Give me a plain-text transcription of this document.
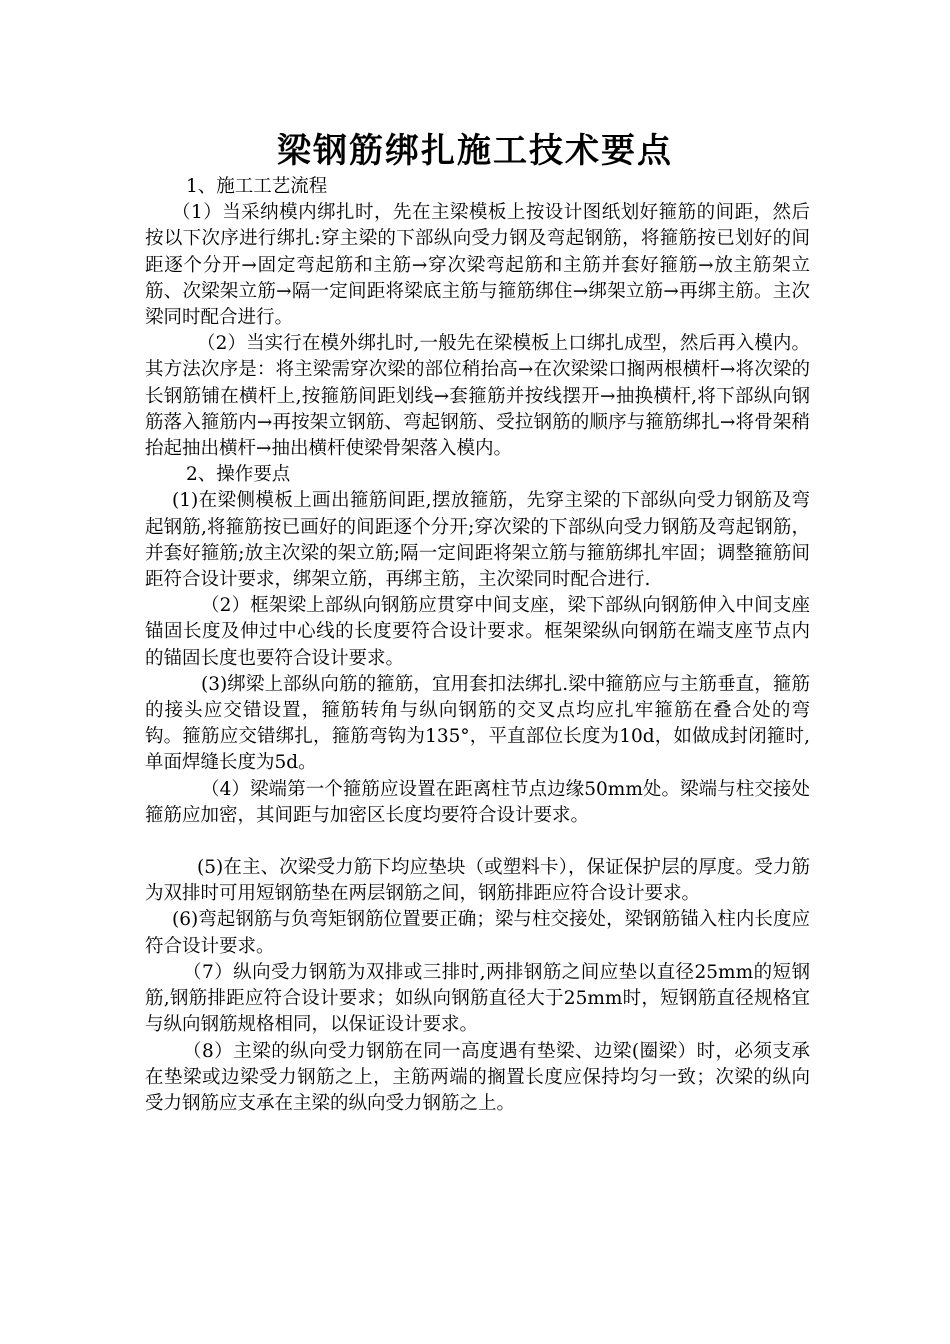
梁钢筋绑扎施工技术要点

1、施工工艺流程

（1）当采纳模内绑扎时，先在主梁模板上按设计图纸划好箍筋的间距，然后按以下次序进行绑扎:穿主梁的下部纵向受力钢及弯起钢筋，将箍筋按已划好的间距逐个分开→固定弯起筋和主筋→穿次梁弯起筋和主筋并套好箍筋→放主筋架立筋、次梁架立筋→隔一定间距将梁底主筋与箍筋绑住→绑架立筋→再绑主筋。主次梁同时配合进行。

（2）当实行在模外绑扎时,一般先在梁模板上口绑扎成型，然后再入模内。其方法次序是：将主梁需穿次梁的部位稍抬高→在次梁梁口搁两根横杆→将次梁的长钢筋铺在横杆上,按箍筋间距划线→套箍筋并按线摆开→抽换横杆,将下部纵向钢筋落入箍筋内→再按架立钢筋、弯起钢筋、受拉钢筋的顺序与箍筋绑扎→将骨架稍抬起抽出横杆→抽出横杆使梁骨架落入模内。

2、操作要点

(1)在梁侧模板上画出箍筋间距,摆放箍筋，先穿主梁的下部纵向受力钢筋及弯起钢筋,将箍筋按已画好的间距逐个分开;穿次梁的下部纵向受力钢筋及弯起钢筋，并套好箍筋;放主次梁的架立筋;隔一定间距将架立筋与箍筋绑扎牢固；调整箍筋间距符合设计要求，绑架立筋，再绑主筋，主次梁同时配合进行.

（2）框架梁上部纵向钢筋应贯穿中间支座，梁下部纵向钢筋伸入中间支座锚固长度及伸过中心线的长度要符合设计要求。框架梁纵向钢筋在端支座节点内的锚固长度也要符合设计要求。

(3)绑梁上部纵向筋的箍筋，宜用套扣法绑扎.梁中箍筋应与主筋垂直，箍筋的接头应交错设置，箍筋转角与纵向钢筋的交叉点均应扎牢箍筋在叠合处的弯钩。箍筋应交错绑扎，箍筋弯钩为135°，平直部位长度为10d，如做成封闭箍时,单面焊缝长度为5d。

（4）梁端第一个箍筋应设置在距离柱节点边缘50mm处。梁端与柱交接处箍筋应加密，其间距与加密区长度均要符合设计要求。

(5)在主、次梁受力筋下均应垫块（或塑料卡），保证保护层的厚度。受力筋为双排时可用短钢筋垫在两层钢筋之间，钢筋排距应符合设计要求。

(6)弯起钢筋与负弯矩钢筋位置要正确；梁与柱交接处，梁钢筋锚入柱内长度应符合设计要求。

（7）纵向受力钢筋为双排或三排时,两排钢筋之间应垫以直径25mm的短钢筋,钢筋排距应符合设计要求；如纵向钢筋直径大于25mm时，短钢筋直径规格宜与纵向钢筋规格相同，以保证设计要求。

（8）主梁的纵向受力钢筋在同一高度遇有垫梁、边梁(圈梁）时，必须支承在垫梁或边梁受力钢筋之上，主筋两端的搁置长度应保持均匀一致；次梁的纵向受力钢筋应支承在主梁的纵向受力钢筋之上。
